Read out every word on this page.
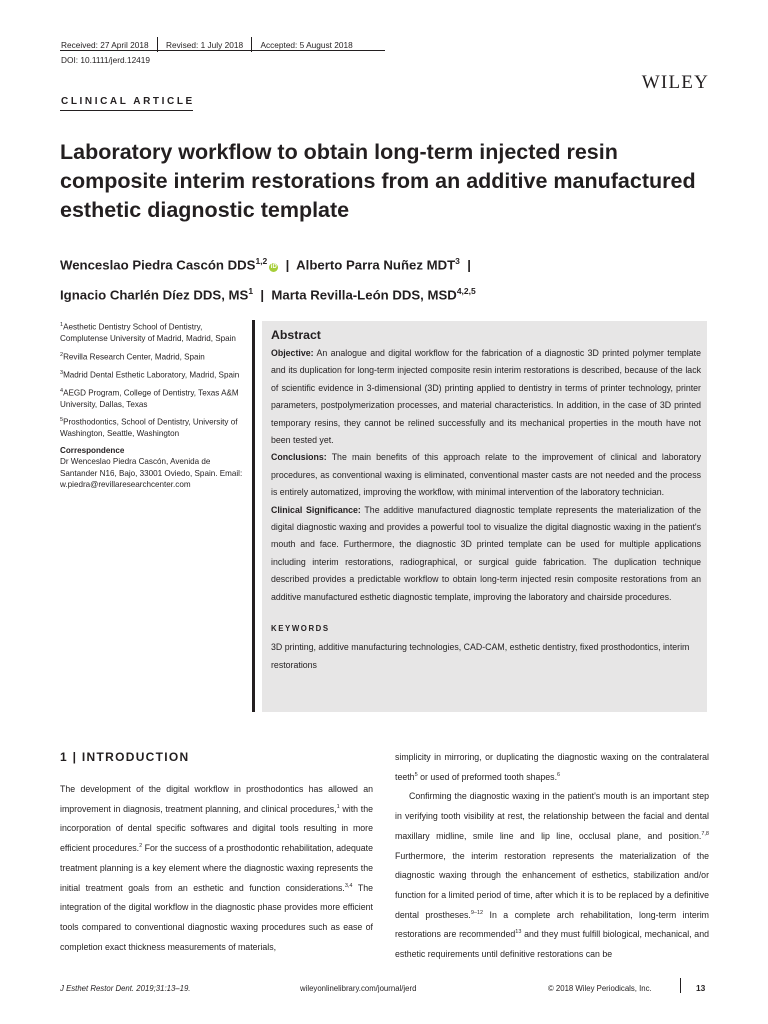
Received: 27 April 2018 Revised: 1 July 2018 Accepted: 5 August 2018
DOI: 10.1111/jerd.12419
WILEY
CLINICAL ARTICLE
Laboratory workflow to obtain long-term injected resin composite interim restorations from an additive manufactured esthetic diagnostic template
Wenceslao Piedra Cascón DDS$^{1,2}$iD | Alberto Parra Nuñez MDT$^3$ |
Ignacio Charlén Díez DDS, $MS^1$ | Marta Revilla-León DDS, MSD$^{4,2,5}$

$^1$Aesthetic Dentistry School of Dentistry, Complutense University of Madrid, Madrid, Spain

$^2$Revilla Research Center, Madrid, Spain

$^3$Madrid Dental Esthetic Laboratory, Madrid, Spain

$^4$AEGD Program, College of Dentistry, Texas A&M University, Dallas, Texas

$^5$Prosthodontics, School of Dentistry, University of Washington, Seattle, Washington

Correspondence
Dr Wenceslao Piedra Cascón, Avenida de Santander N16, Bajo, 33001 Oviedo, Spain. Email: w.piedra@revillaresearchcenter.com
Abstract

Objective: An analogue and digital workflow for the fabrication of a diagnostic 3D printed polymer template and its duplication for long-term injected composite resin interim restorations is described, because of the lack of scientific evidence in 3-dimensional (3D) printing applied to dentistry in terms of printer technology, printer parameters, postpolymerization processes, and material characteristics. In addition, in the case of 3D printed temporary resins, they cannot be relined successfully and its mechanical properties in the mouth have not been tested yet.

Conclusions: The main benefits of this approach relate to the improvement of clinical and laboratory procedures, as conventional waxing is eliminated, conventional master casts are not needed and the process is entirely automatized, improving the workflow, with minimal intervention of the laboratory technician.

Clinical Significance: The additive manufactured diagnostic template represents the materialization of the digital diagnostic waxing and provides a powerful tool to visualize the digital diagnostic waxing in the patient's mouth and face. Furthermore, the diagnostic 3D printed template can be used for multiple applications including interim restorations, radiographical, or surgical guide fabrication. The duplication technique described provides a predictable workflow to obtain long-term injected resin composite restorations from an additive manufactured esthetic diagnostic template, improving the laboratory and chairside procedures.

KEYWORDS
3D printing, additive manufacturing technologies, CAD-CAM, esthetic dentistry, fixed prosthodontics, interim restorations
1 | INTRODUCTION

The development of the digital workflow in prosthodontics has allowed an improvement in diagnosis, treatment planning, and clinical procedures,$^1$ with the incorporation of dental specific softwares and digital tools resulting in more efficient procedures.$^2$ For the success of a prosthodontic rehabilitation, adequate treatment planning is a key element where the diagnostic waxing represents the initial treatment goals from an esthetic and function considerations.$^{3,4}$ The integration of the digital workflow in the diagnostic phase provides more efficient tools compared to conventional diagnostic waxing procedures such as ease of completion exact thickness measurements of materials,

simplicity in mirroring, or duplicating the diagnostic waxing on the contralateral teeth$^5$ or used of preformed tooth shapes.$^6$

Confirming the diagnostic waxing in the patient's mouth is an important step in verifying tooth visibility at rest, the relationship between the facial and dental maxillary midline, smile line and lip line, occlusal plane, and position.$^{7,8}$ Furthermore, the interim restoration represents the materialization of the diagnostic waxing through the enhancement of esthetics, stabilization and/or function for a limited period of time, after which it is to be replaced by a definitive dental prostheses.$^{9-12}$ In a complete arch rehabilitation, long-term interim restorations are recommended$^{13}$ and they must fulfill biological, mechanical, and esthetic requirements until definitive restorations can be

J Esthet Restor Dent. 2019;31:13–19.	wileyonlinelibrary.com/journal/jerd	© 2018 Wiley Periodicals, Inc.	13
